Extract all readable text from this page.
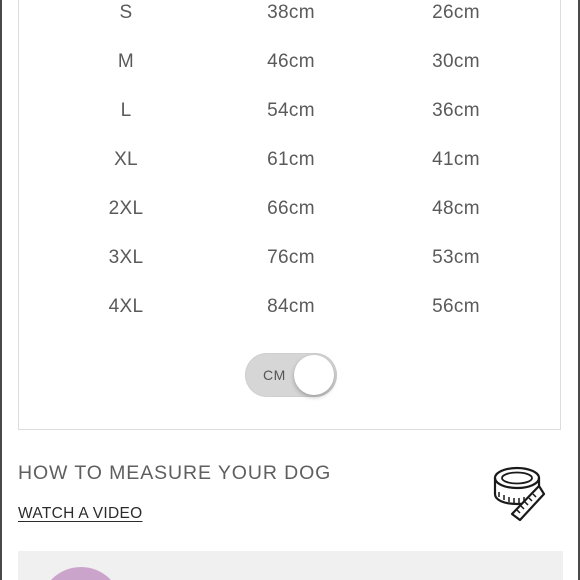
S	38cm	26cm
M	46cm	30cm
L	54cm	36cm
XL	61cm	41cm
2XL	66cm	48cm
3XL	76cm	53cm
4XL	84cm	56cm
CM
HOW TO MEASURE YOUR DOG
WATCH A VIDEO
